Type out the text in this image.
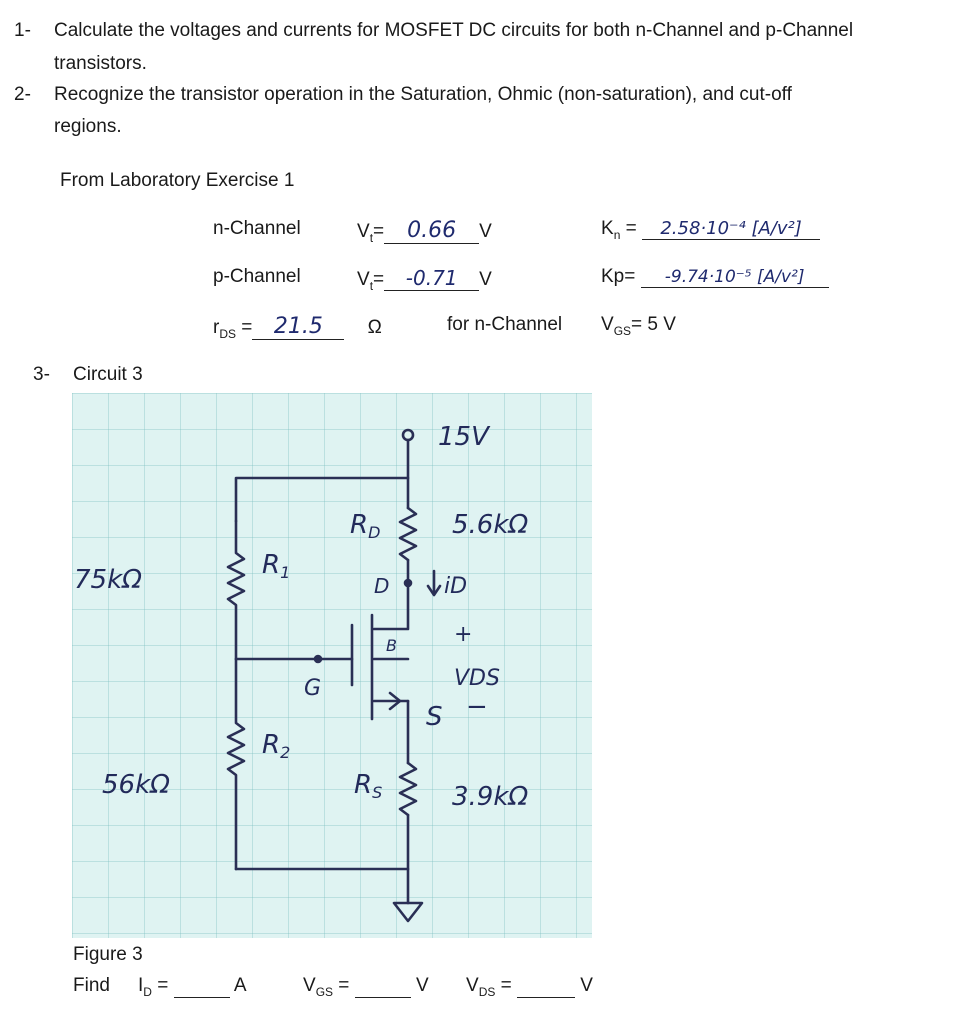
1- Calculate the voltages and currents for MOSFET DC circuits for both n-Channel and p-Channel
transistors.
2- Recognize the transistor operation in the Saturation, Ohmic (non-saturation), and cut-off
regions.
From Laboratory Exercise 1
n-Channel	$V_t= 0.66$ V	$K_n = 2.58\cdot 10^{-4}$ [A/v²]
p-Channel	$V_t= -0.71$ V	Kp= -9.74·10⁻⁵ [A/v²]
$r_{DS} = 21.5$ Ω	for n-Channel $V_{GS}= 5$ V
3- Circuit 3
15V
RD	5.6kΩ
D iD
75kΩ	R1
B
G
+
VDS
S −
R2
56kΩ	RS	3.9kΩ
Figure 3
Find $I_D$ =	A	$V_{GS}$ =	V $V_{DS}$ =	V
